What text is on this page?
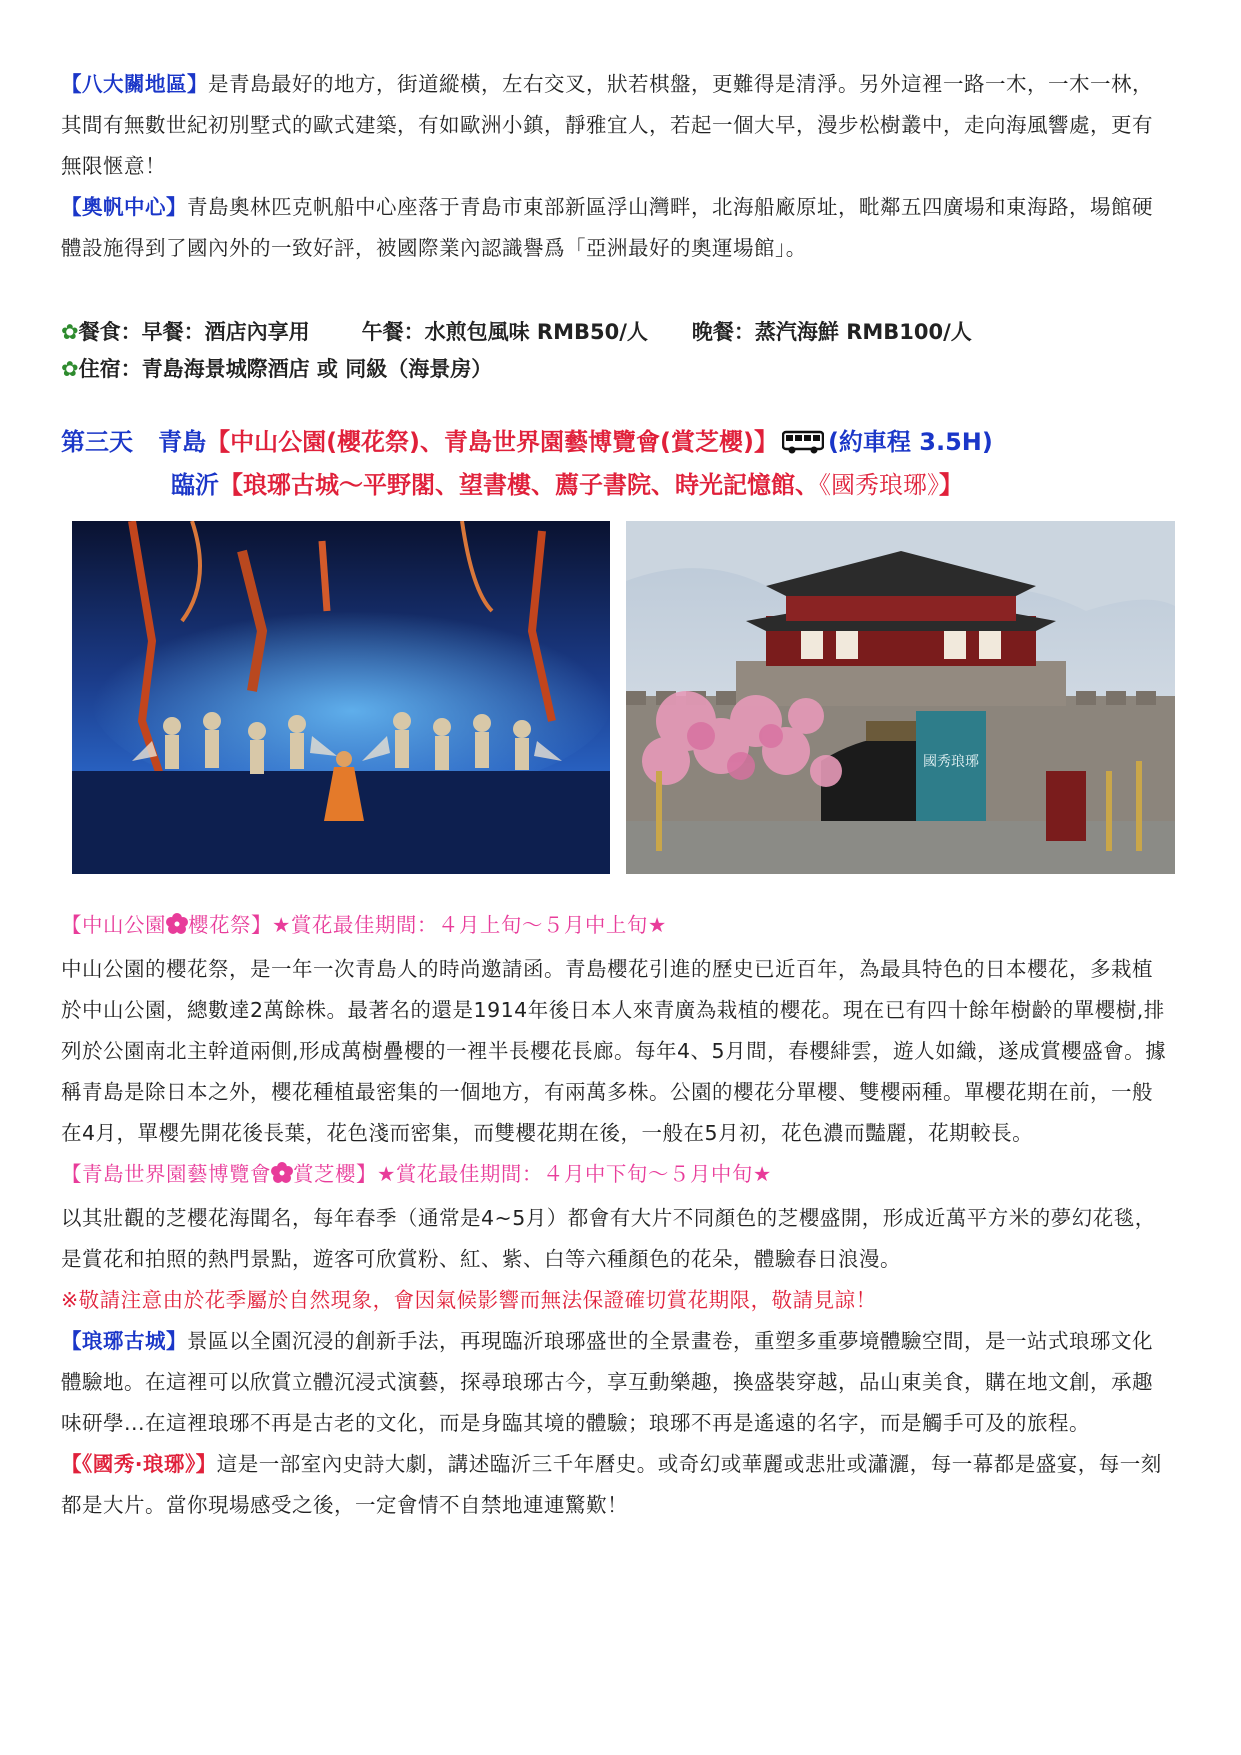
【八大關地區】是青島最好的地方，街道縱橫，左右交叉，狀若棋盤，更難得是清淨。另外這裡一路一木，一木一林，其間有無數世紀初別墅式的歐式建築，有如歐洲小鎮，靜雅宜人，若起一個大早，漫步松樹叢中，走向海風響處，更有無限愜意！

【奧帆中心】青島奧林匹克帆船中心座落于青島市東部新區浮山灣畔，北海船廠原址，毗鄰五四廣場和東海路，場館硬體設施得到了國內外的一致好評，被國際業內認識譽爲「亞洲最好的奧運場館」。

✿餐食：早餐：酒店內享用 午餐：水煎包風味 RMB50/人 晚餐：蒸汽海鮮 RMB100/人

✿住宿：青島海景城際酒店 或 同級（海景房）

第三天 青島【中山公園(櫻花祭)、青島世界園藝博覽會(賞芝櫻)】 (約車程 3.5H)

臨沂【琅琊古城～平野閣、望書樓、薦子書院、時光記憶館、《國秀琅琊》】

國秀琅琊

【中山公園 櫻花祭】★賞花最佳期間：４月上旬～５月中上旬★

中山公園的櫻花祭，是一年一次青島人的時尚邀請函。青島櫻花引進的歷史已近百年，為最具特色的日本櫻花，多栽植於中山公園，總數達2萬餘株。最著名的還是1914年後日本人來青廣為栽植的櫻花。現在已有四十餘年樹齡的單櫻樹,排列於公園南北主幹道兩側,形成萬樹疊櫻的一裡半長櫻花長廊。每年4、5月間，春櫻緋雲，遊人如織，遂成賞櫻盛會。據稱青島是除日本之外，櫻花種植最密集的一個地方，有兩萬多株。公園的櫻花分單櫻、雙櫻兩種。單櫻花期在前，一般在4月，單櫻先開花後長葉，花色淺而密集，而雙櫻花期在後，一般在5月初，花色濃而豔麗，花期較長。

【青島世界園藝博覽會 賞芝櫻】★賞花最佳期間：４月中下旬～５月中旬★

以其壯觀的芝櫻花海聞名，每年春季（通常是4~5月）都會有大片不同顏色的芝櫻盛開，形成近萬平方米的夢幻花毯，是賞花和拍照的熱門景點，遊客可欣賞粉、紅、紫、白等六種顏色的花朵，體驗春日浪漫。

※敬請注意由於花季屬於自然現象，會因氣候影響而無法保證確切賞花期限，敬請見諒！

【琅琊古城】景區以全園沉浸的創新手法，再現臨沂琅琊盛世的全景畫卷，重塑多重夢境體驗空間，是一站式琅琊文化體驗地。在這裡可以欣賞立體沉浸式演藝，探尋琅琊古今，享互動樂趣，換盛裝穿越，品山東美食，購在地文創，承趣味研學...在這裡琅琊不再是古老的文化，而是身臨其境的體驗；琅琊不再是遙遠的名字，而是觸手可及的旅程。

【《國秀·琅琊》】這是一部室內史詩大劇，講述臨沂三千年曆史。或奇幻或華麗或悲壯或瀟灑，每一幕都是盛宴，每一刻都是大片。當你現場感受之後，一定會情不自禁地連連驚歎！
